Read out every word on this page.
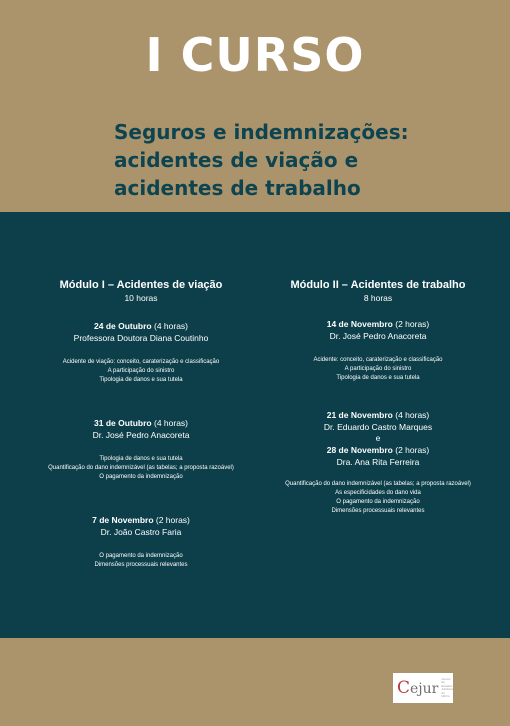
I CURSO
Seguros e indemnizações:
acidentes de viação e
acidentes de trabalho
Módulo I – Acidentes de viação
10 horas
24 de Outubro (4 horas)
Professora Doutora Diana Coutinho
Acidente de viação: conceito, caraterização e classificação
A participação do sinistro
Tipologia de danos e sua tutela
31 de Outubro (4 horas)
Dr. José Pedro Anacoreta
Tipologia de danos e sua tutela
Quantificação do dano indemnizável (as tabelas; a proposta razoável)
O pagamento da indemnização
7 de Novembro (2 horas)
Dr. João Castro Faria
O pagamento da indemnização
Dimensões processuais relevantes
Módulo II – Acidentes de trabalho
8 horas
14 de Novembro (2 horas)
Dr. José Pedro Anacoreta
Acidente: conceito, caraterização e classificação
A participação do sinistro
Tipologia de danos e sua tutela
21 de Novembro (4 horas)
Dr. Eduardo Castro Marques
e
28 de Novembro (2 horas)
Dra. Ana Rita Ferreira
Quantificação do dano indemnizável (as tabelas; a proposta razoável)
As especificidades do dano vida
O pagamento da indemnização
Dimensões processuais relevantes
Cejur
Centro de Estudos Jurídicos do Minho
